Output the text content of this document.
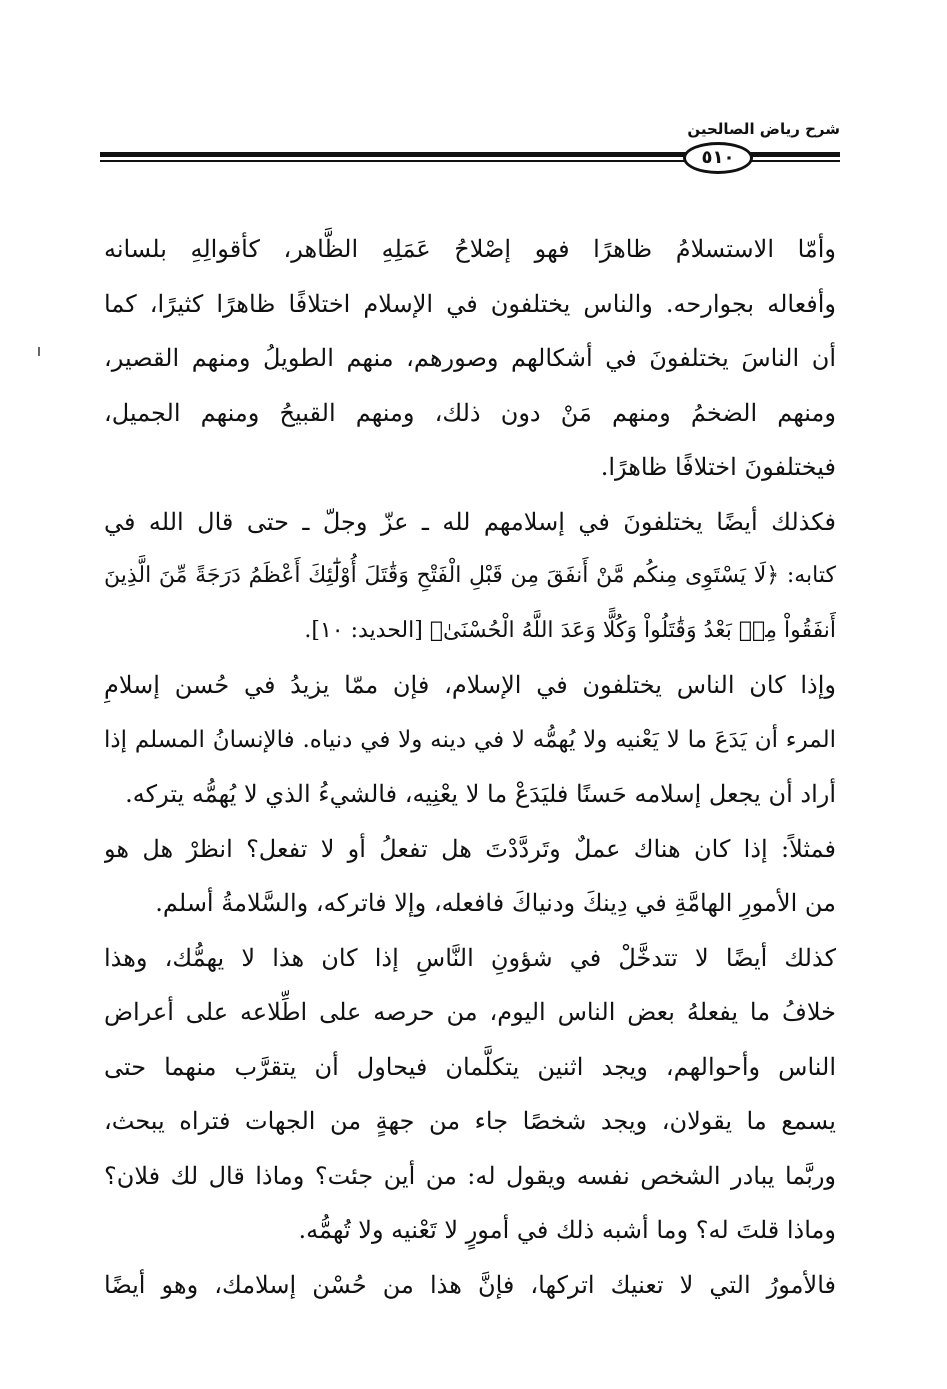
شرح رياض الصالحين
٥١٠
وأمّا الاستسلامُ ظاهرًا فهو إصْلاحُ عَمَلِهِ الظَّاهر، كأقوالِهِ بلسانه
وأفعاله بجوارحه. والناس يختلفون في الإسلام اختلافًا ظاهرًا كثيرًا، كما
أن الناسَ يختلفونَ في أشكالهم وصورهم، منهم الطويلُ ومنهم القصير،
ومنهم الضخمُ ومنهم مَنْ دون ذلك، ومنهم القبيحُ ومنهم الجميل،
فيختلفونَ اختلافًا ظاهرًا.
فكذلك أيضًا يختلفونَ في إسلامهم لله ـ عزّ وجلّ ـ حتى قال الله في
كتابه: ﴿لَا يَسْتَوِى مِنكُم مَّنْ أَنفَقَ مِن قَبْلِ الْفَتْحِ وَقَٰتَلَ أُوْلَٰٓئِكَ أَعْظَمُ دَرَجَةً مِّنَ الَّذِينَ
أَنفَقُواْ مِنۢ بَعْدُ وَقَٰتَلُواْ وَكُلًّا وَعَدَ اللَّهُ الْحُسْنَىٰ﴾ [الحديد: ١٠].
وإذا كان الناس يختلفون في الإسلام، فإن ممّا يزيدُ في حُسن إسلامِ
المرء أن يَدَعَ ما لا يَعْنيه ولا يُهمُّه لا في دينه ولا في دنياه. فالإنسانُ المسلم إذا
أراد أن يجعل إسلامه حَسنًا فليَدَعْ ما لا يعْنِيه، فالشيءُ الذي لا يُهمُّه يتركه.
فمثلاً: إذا كان هناك عملٌ وتَردَّدْتَ هل تفعلُ أو لا تفعل؟ انظرْ هل هو
من الأمورِ الهامَّةِ في دِينكَ ودنياكَ فافعله، وإلا فاتركه، والسَّلامةُ أسلم.
كذلك أيضًا لا تتدخَّلْ في شؤونِ النَّاسِ إذا كان هذا لا يهمُّك، وهذا
خلافُ ما يفعلهُ بعض الناس اليوم، من حرصه على اطِّلاعه على أعراض
الناس وأحوالهم، ويجد اثنين يتكلَّمان فيحاول أن يتقرَّب منهما حتى
يسمع ما يقولان، ويجد شخصًا جاء من جهةٍ من الجهات فتراه يبحث،
وربَّما يبادر الشخص نفسه ويقول له: من أين جئت؟ وماذا قال لك فلان؟
وماذا قلتَ له؟ وما أشبه ذلك في أمورٍ لا تَعْنيه ولا تُهمُّه.
فالأمورُ التي لا تعنيك اتركها، فإنَّ هذا من حُسْن إسلامك، وهو أيضًا
